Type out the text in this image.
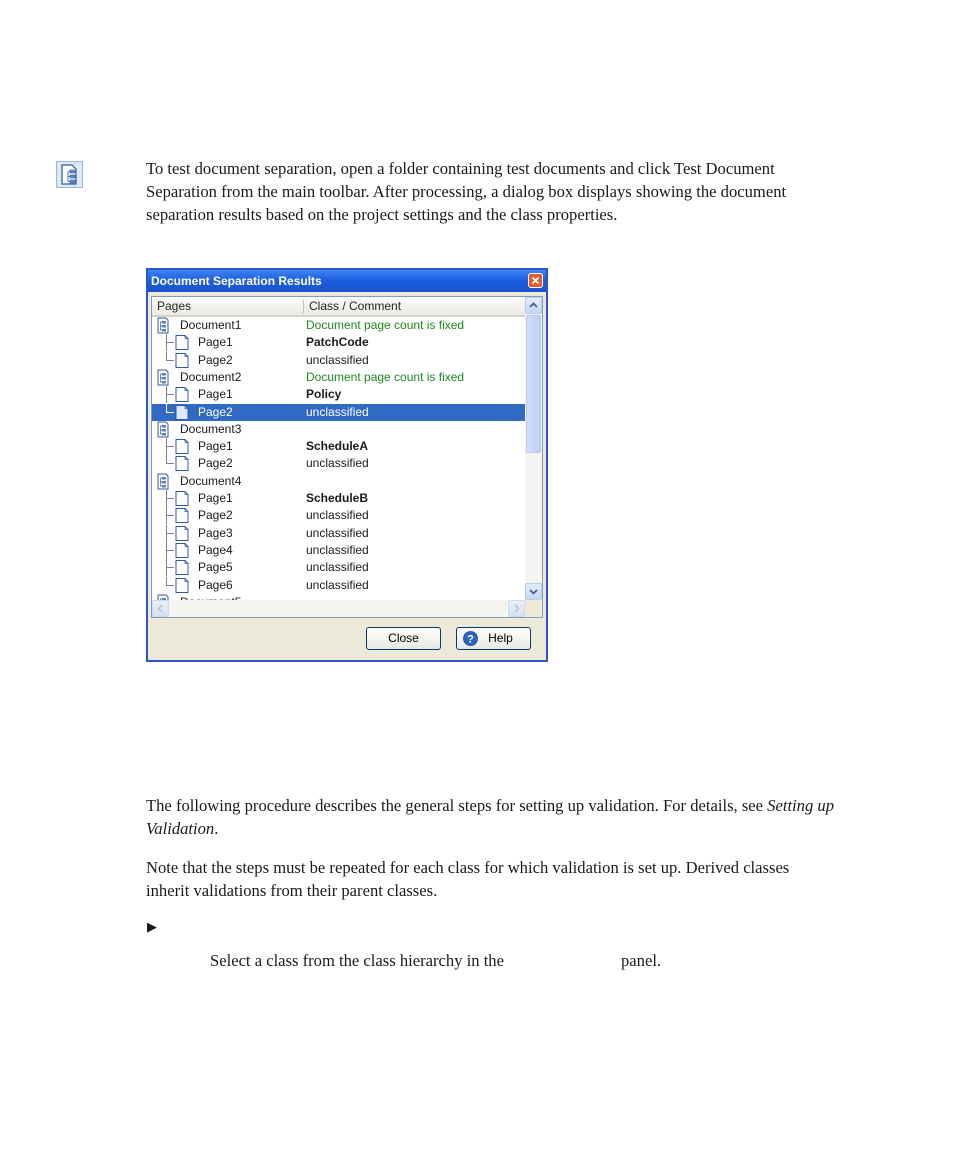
To test document separation, open a folder containing test documents and click Test Document Separation from the main toolbar. After processing, a dialog box displays showing the document separation results based on the project settings and the class properties.

Document Separation Results
Pages	Class / Comment
Document1	Document page count is fixed
Page1	PatchCode
Page2	unclassified
Document2	Document page count is fixed
Page1	Policy
Page2	unclassified
Document3
Page1	ScheduleA
Page2	unclassified
Document4
Page1	ScheduleB
Page2	unclassified
Page3	unclassified
Page4	unclassified
Page5	unclassified
Page6	unclassified
Close	? Help

The following procedure describes the general steps for setting up validation. For details, see Setting up Validation.

Note that the steps must be repeated for each class for which validation is set up. Derived classes inherit validations from their parent classes.

▶

Select a class from the class hierarchy in the	panel.
